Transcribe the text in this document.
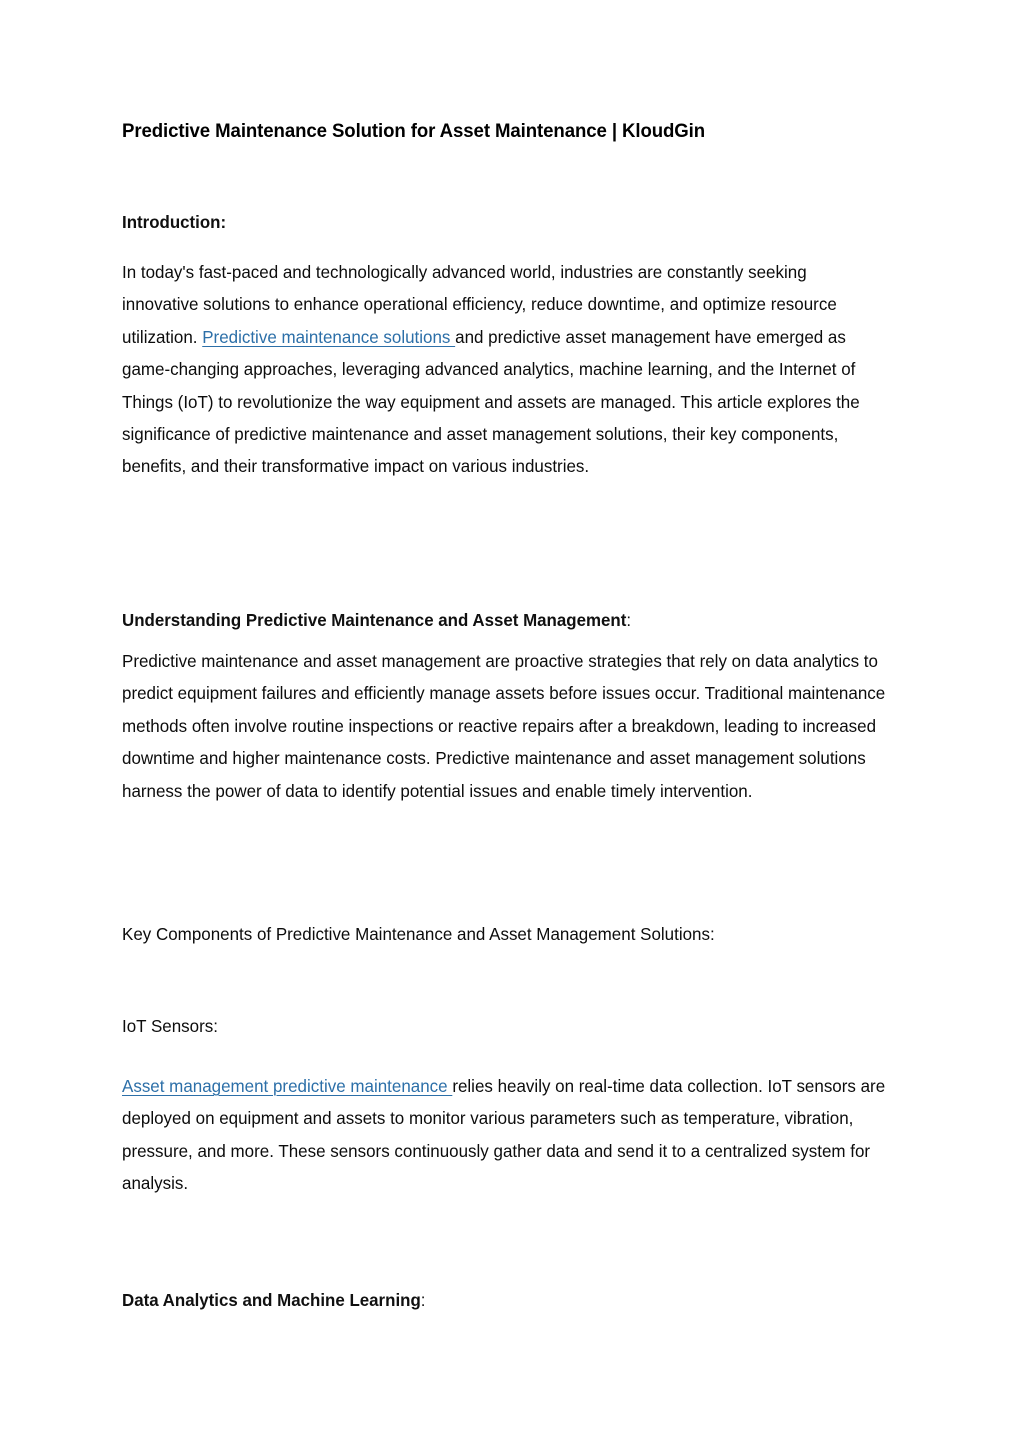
Predictive Maintenance Solution for Asset Maintenance | KloudGin
Introduction:

In today's fast-paced and technologically advanced world, industries are constantly seeking innovative solutions to enhance operational efficiency, reduce downtime, and optimize resource utilization. Predictive maintenance solutions and predictive asset management have emerged as game-changing approaches, leveraging advanced analytics, machine learning, and the Internet of Things (IoT) to revolutionize the way equipment and assets are managed. This article explores the significance of predictive maintenance and asset management solutions, their key components, benefits, and their transformative impact on various industries.

Understanding Predictive Maintenance and Asset Management:

Predictive maintenance and asset management are proactive strategies that rely on data analytics to predict equipment failures and efficiently manage assets before issues occur. Traditional maintenance methods often involve routine inspections or reactive repairs after a breakdown, leading to increased downtime and higher maintenance costs. Predictive maintenance and asset management solutions harness the power of data to identify potential issues and enable timely intervention.

Key Components of Predictive Maintenance and Asset Management Solutions:

IoT Sensors:

Asset management predictive maintenance relies heavily on real-time data collection. IoT sensors are deployed on equipment and assets to monitor various parameters such as temperature, vibration, pressure, and more. These sensors continuously gather data and send it to a centralized system for analysis.

Data Analytics and Machine Learning:
